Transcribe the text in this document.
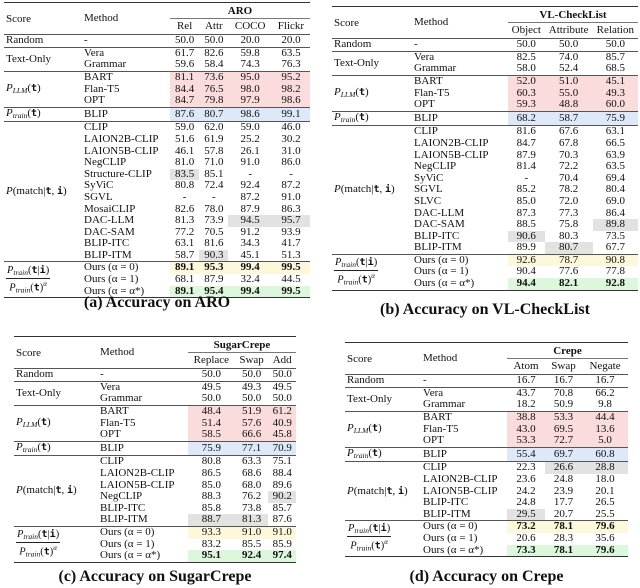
Score	Method	ARO			
		Rel	Attr	COCO	Flickr
Random	-	50.0	50.0	20.0	20.0
Text-Only	Vera	61.7	82.6	59.8	63.5
	Grammar	59.6	58.4	74.3	76.3
$P_{LLM}(t)$	BART	81.1	73.6	95.0	95.2
	Flan-T5	84.4	76.5	98.0	98.2
	OPT	84.7	79.8	97.9	98.6
$P_{train}(t)$	BLIP	87.6	80.7	98.6	99.1
P(match|t, i)	CLIP	59.0	62.0	59.0	46.0
	LAION2B-CLIP	51.6	61.9	25.2	30.2
	LAION5B-CLIP	46.1	57.8	26.1	31.0
	NegCLIP	81.0	71.0	91.0	86.0
	Structure-CLIP	83.5	85.1	-	-
	SyViC	80.8	72.4	92.4	87.2
	SGVL	-	-	87.2	91.0
	MosaiCLIP	82.6	78.0	87.9	86.3
	DAC-LLM	81.3	73.9	94.5	95.7
	DAC-SAM	77.2	70.5	91.2	93.9
	BLIP-ITC	63.1	81.6	34.3	41.7
	BLIP-ITM	58.7	90.3	45.1	51.3

$\frac{P_{train}(t|i)}{P_{train}(t)^\alpha}$	Ours (α = 0)	89.1	95.3	99.4	99.5
	Ours (α = 1)	68.1	87.9	32.4	44.5
	Ours (α = α*)	89.1	95.4	99.4	99.5
(a) Accuracy on ARO
Score	Method	VL-CheckList		
		Object	Attribute	Relation
Random	-	50.0	50.0	50.0
Text-Only	Vera	82.5	74.0	85.7
	Grammar	58.0	52.4	68.5
$P_{LLM}(t)$	BART	52.0	51.0	45.1
	Flan-T5	60.3	55.0	49.3
	OPT	59.3	48.8	60.0
$P_{train}(t)$	BLIP	68.2	58.7	75.9
P(match|t, i)	CLIP	81.6	67.6	63.1
	LAION2B-CLIP	84.7	67.8	66.5
	LAION5B-CLIP	87.9	70.3	63.9
	NegCLIP	81.4	72.2	63.5
	SyViC	-	70.4	69.4
	SGVL	85.2	78.2	80.4
	SLVC	85.0	72.0	69.0
	DAC-LLM	87.3	77.3	86.4
	DAC-SAM	88.5	75.8	89.8
	BLIP-ITC	90.6	80.3	73.5
	BLIP-ITM	89.9	80.7	67.7

$\frac{P_{train}(t|i)}{P_{train}(t)^\alpha}$	Ours (α = 0)	92.6	78.7	90.8
	Ours (α = 1)	90.4	77.6	77.8
	Ours (α = α*)	94.4	82.1	92.8
(b) Accuracy on VL-CheckList
Score	Method	SugarCrepe		
		Replace	Swap	Add
Random	-	50.0	50.0	50.0
Text-Only	Vera	49.5	49.3	49.5
	Grammar	50.0	50.0	50.0
$P_{LLM}(t)$	BART	48.4	51.9	61.2
	Flan-T5	51.4	57.6	40.9
	OPT	58.5	66.6	45.8
$P_{train}(t)$	BLIP	75.9	77.1	70.9
P(match|t, i)	CLIP	80.8	63.3	75.1
	LAION2B-CLIP	86.5	68.6	88.4
	LAION5B-CLIP	85.0	68.0	89.6
	NegCLIP	88.3	76.2	90.2
	BLIP-ITC	85.8	73.8	85.7
	BLIP-ITM	88.7	81.3	87.6

$\frac{P_{train}(t|i)}{P_{train}(t)^\alpha}$	Ours (α = 0)	93.3	91.0	91.0
	Ours (α = 1)	83.2	85.5	85.9
	Ours (α = α*)	95.1	92.4	97.4
(c) Accuracy on SugarCrepe
Score	Method	Crepe		
		Atom	Swap	Negate
Random	-	16.7	16.7	16.7
Text-Only	Vera	43.7	70.8	66.2
	Grammar	18.2	50.9	9.8
$P_{LLM}(t)$	BART	38.8	53.3	44.4
	Flan-T5	43.0	69.5	13.6
	OPT	53.3	72.7	5.0
$P_{train}(t)$	BLIP	55.4	69.7	60.8
P(match|t, i)	CLIP	22.3	26.6	28.8
	LAION2B-CLIP	23.6	24.8	18.0
	LAION5B-CLIP	24.2	23.9	20.1
	BLIP-ITC	24.8	17.7	26.5
	BLIP-ITM	29.5	20.7	25.5

$\frac{P_{train}(t|i)}{P_{train}(t)^\alpha}$	Ours (α = 0)	73.2	78.1	79.6
	Ours (α = 1)	20.6	28.3	35.6
	Ours (α = α*)	73.3	78.1	79.6
(d) Accuracy on Crepe
